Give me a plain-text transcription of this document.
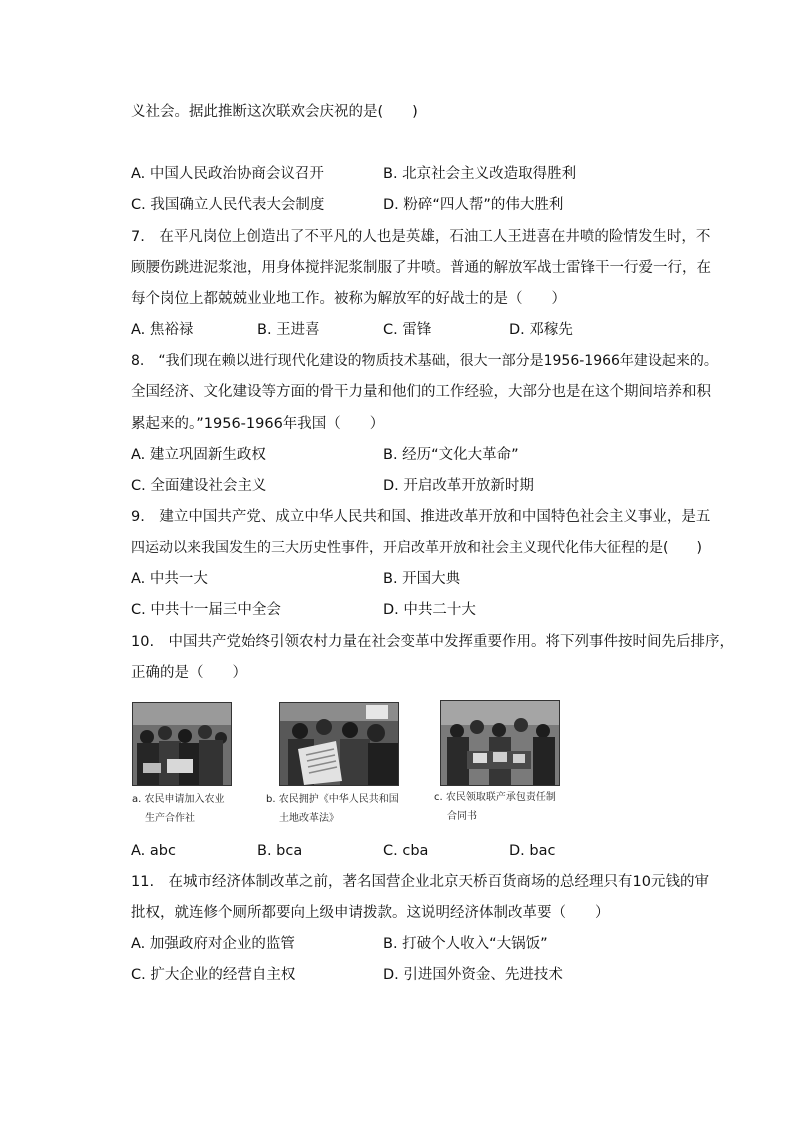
义社会。据此推断这次联欢会庆祝的是(　　)
A. 中国人民政治协商会议召开	B. 北京社会主义改造取得胜利
C. 我国确立人民代表大会制度	D. 粉碎“四人帮”的伟大胜利
7.　在平凡岗位上创造出了不平凡的人也是英雄，石油工人王进喜在井喷的险情发生时，不
顾腰伤跳进泥浆池，用身体搅拌泥浆制服了井喷。普通的解放军战士雷锋干一行爱一行，在
每个岗位上都兢兢业业地工作。被称为解放军的好战士的是（　　）
A. 焦裕禄	B. 王进喜	C. 雷锋	D. 邓稼先
8.　“我们现在赖以进行现代化建设的物质技术基础，很大一部分是1956-1966年建设起来的。
全国经济、文化建设等方面的骨干力量和他们的工作经验，大部分也是在这个期间培养和积
累起来的。”1956-1966年我国（　　）
A. 建立巩固新生政权	B. 经历“文化大革命”
C. 全面建设社会主义	D. 开启改革开放新时期
9.　建立中国共产党、成立中华人民共和国、推进改革开放和中国特色社会主义事业，是五
四运动以来我国发生的三大历史性事件，开启改革开放和社会主义现代化伟大征程的是(　　)
A. 中共一大	B. 开国大典
C. 中共十一届三中全会	D. 中共二十大
10.　中国共产党始终引领农村力量在社会变革中发挥重要作用。将下列事件按时间先后排序，
正确的是（　　）
a. 农民申请加入农业
生产合作社
b. 农民拥护《中华人民共和国
土地改革法》
c. 农民领取联产承包责任制
合同书
A. abc	B. bca	C. cba	D. bac
11.　在城市经济体制改革之前，著名国营企业北京天桥百货商场的总经理只有10元钱的审
批权，就连修个厕所都要向上级申请拨款。这说明经济体制改革要（　　）
A. 加强政府对企业的监管	B. 打破个人收入“大锅饭”
C. 扩大企业的经营自主权	D. 引进国外资金、先进技术
